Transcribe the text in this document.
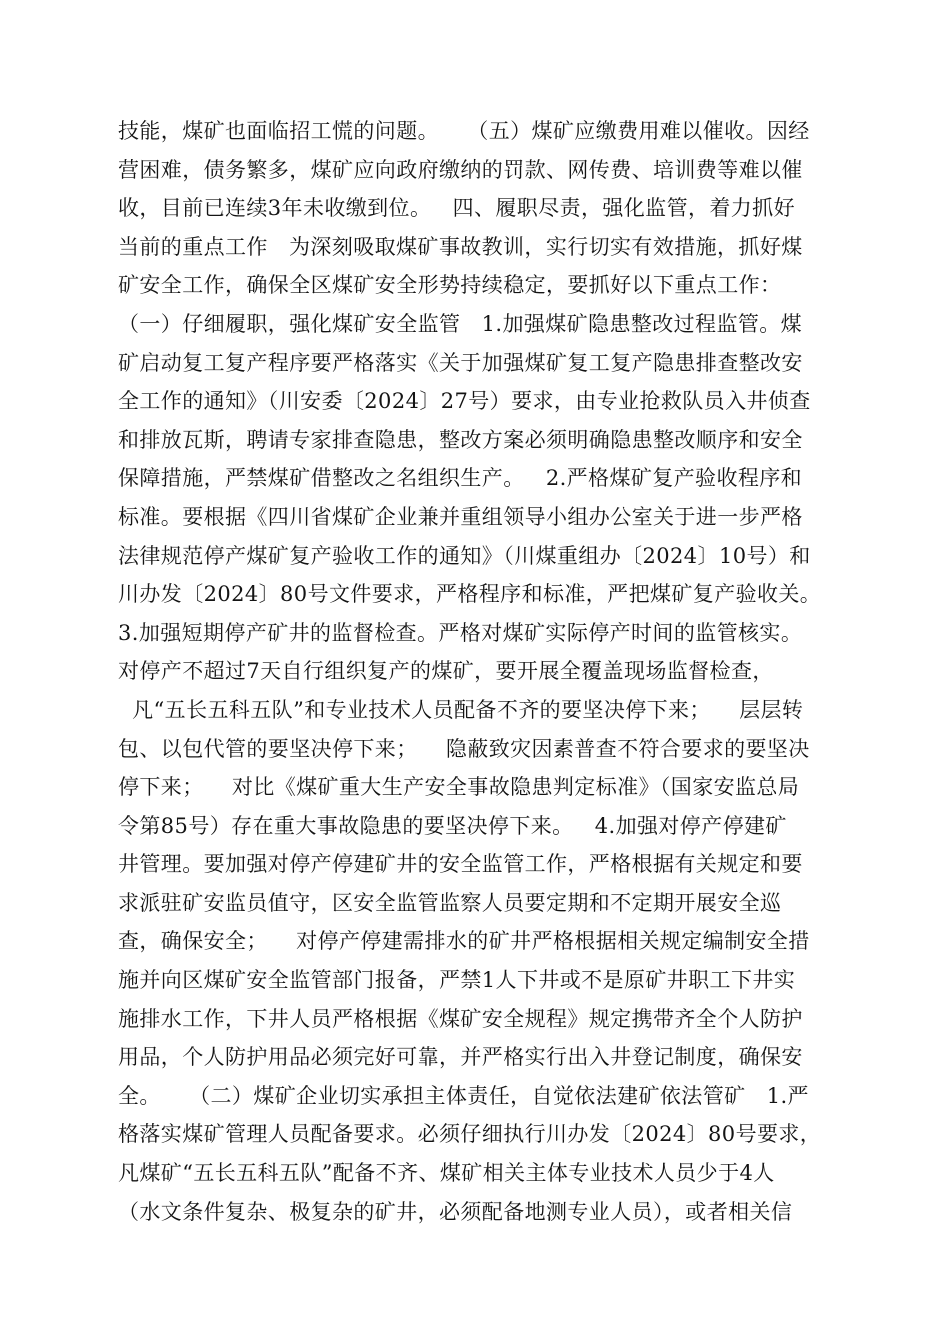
技能，煤矿也面临招工慌的问题。    （五）煤矿应缴费用难以催收。因经
营困难，债务繁多，煤矿应向政府缴纳的罚款、网传费、培训费等难以催
收，目前已连续3年未收缴到位。   四、履职尽责，强化监管，着力抓好
当前的重点工作   为深刻吸取煤矿事故教训，实行切实有效措施，抓好煤
矿安全工作，确保全区煤矿安全形势持续稳定，要抓好以下重点工作：
（一）仔细履职，强化煤矿安全监管   1.加强煤矿隐患整改过程监管。煤
矿启动复工复产程序要严格落实《关于加强煤矿复工复产隐患排查整改安
全工作的通知》（川安委〔2024〕27号）要求，由专业抢救队员入井侦查
和排放瓦斯，聘请专家排查隐患，整改方案必须明确隐患整改顺序和安全
保障措施，严禁煤矿借整改之名组织生产。   2.严格煤矿复产验收程序和
标准。要根据《四川省煤矿企业兼并重组领导小组办公室关于进一步严格
法律规范停产煤矿复产验收工作的通知》（川煤重组办〔2024〕10号）和
川办发〔2024〕80号文件要求，严格程序和标准，严把煤矿复产验收关。
3.加强短期停产矿井的监督检查。严格对煤矿实际停产时间的监管核实。
对停产不超过7天自行组织复产的煤矿，要开展全覆盖现场监督检查，
凡“五长五科五队”和专业技术人员配备不齐的要坚决停下来；    层层转
包、以包代管的要坚决停下来；    隐蔽致灾因素普查不符合要求的要坚决
停下来；    对比《煤矿重大生产安全事故隐患判定标准》（国家安监总局
令第85号）存在重大事故隐患的要坚决停下来。   4.加强对停产停建矿
井管理。要加强对停产停建矿井的安全监管工作，严格根据有关规定和要
求派驻矿安监员值守，区安全监管监察人员要定期和不定期开展安全巡
查，确保安全；    对停产停建需排水的矿井严格根据相关规定编制安全措
施并向区煤矿安全监管部门报备，严禁1人下井或不是原矿井职工下井实
施排水工作，下井人员严格根据《煤矿安全规程》规定携带齐全个人防护
用品，个人防护用品必须完好可靠，并严格实行出入井登记制度，确保安
全。    （二）煤矿企业切实承担主体责任，自觉依法建矿依法管矿   1.严
格落实煤矿管理人员配备要求。必须仔细执行川办发〔2024〕80号要求，
凡煤矿“五长五科五队”配备不齐、煤矿相关主体专业技术人员少于4人
（水文条件复杂、极复杂的矿井，必须配备地测专业人员），或者相关信
